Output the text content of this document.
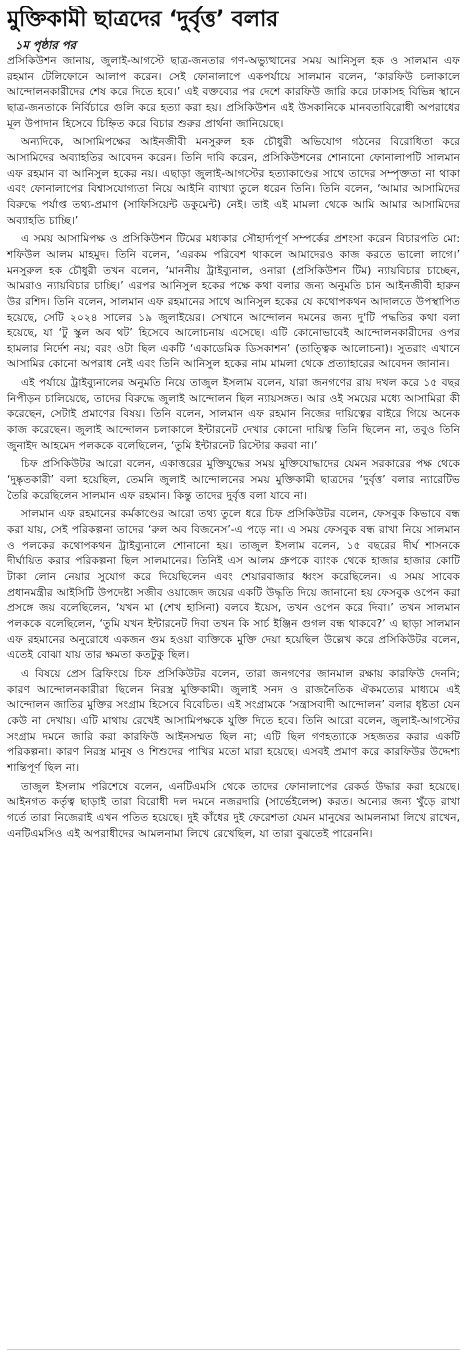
মুক্তিকামী ছাত্রদের ‘দুর্বৃত্ত’ বলার
১ম পৃষ্ঠার পর

প্রসিকিউশন জানায়, জুলাই-আগস্টে ছাত্র-জনতার গণ-অভ্যুত্থানের সময় আনিসুল হক ও সালমান এফ রহমান টেলিফোনে আলাপ করেন। সেই ফোনালাপে একপর্যায়ে সালমান বলেন, ‘কারফিউ চলাকালে আন্দোলনকারীদের শেষ করে দিতে হবে।’ এই বক্তব্যের পর দেশে কারফিউ জারি করে ঢাকাসহ বিভিন্ন স্থানে ছাত্র-জনতাকে নির্বিচারে গুলি করে হত্যা করা হয়। প্রসিকিউশন এই উসকানিকে মানবতাবিরোধী অপরাধের মূল উপাদান হিসেবে চিহ্নিত করে বিচার শুরুর প্রার্থনা জানিয়েছে।

অন্যদিকে, আসামিপক্ষের আইনজীবী মনসুরুল হক চৌধুরী অভিযোগ গঠনের বিরোধিতা করে আসামিদের অব্যাহতির আবেদন করেন। তিনি দাবি করেন, প্রসিকিউশনের শোনানো ফোনালাপটি সালমান এফ রহমান বা আনিসুল হকের নয়। এছাড়া জুলাই-আগস্টের হত্যাকাণ্ডের সাথে তাদের সম্পৃক্ততা না থাকা এবং ফোনালাপের বিশ্বাসযোগ্যতা নিয়ে আইনি ব্যাখ্যা তুলে ধরেন তিনি। তিনি বলেন, ‘আমার আসামিদের বিরুদ্ধে পর্যাপ্ত তথ্য-প্রমাণ (সাফিসিয়েন্ট ডকুমেন্ট) নেই। তাই এই মামলা থেকে আমি আমার আসামিদের অব্যাহতি চাচ্ছি।’

এ সময় আসামিপক্ষ ও প্রসিকিউশন টিমের মধ্যকার সৌহার্দ্যপূর্ণ সম্পর্কের প্রশংসা করেন বিচারপতি মো: শফিউল আলম মাহমুদ। তিনি বলেন, ‘এরকম পরিবেশ থাকলে আমাদেরও কাজ করতে ভালো লাগে।’ মনসুরুল হক চৌধুরী তখন বলেন, ‘মাননীয় ট্রাইব্যুনাল, ওনারা (প্রসিকিউশন টিম) ন্যায়বিচার চাচ্ছেন, আমরাও ন্যায়বিচার চাচ্ছি।’ এরপর আনিসুল হকের পক্ষে কথা বলার জন্য অনুমতি চান আইনজীবী হারুন উর রশিদ। তিনি বলেন, সালমান এফ রহমানের সাথে আনিসুল হকের যে কথোপকথন আদালতে উপস্থাপিত হয়েছে, সেটি ২০২৪ সালের ১৯ জুলাইয়ের। সেখানে আন্দোলন দমনের জন্য দু'টি পদ্ধতির কথা বলা হয়েছে, যা ‘টু স্কুল অব থট’ হিসেবে আলোচনায় এসেছে। এটি কোনোভাবেই আন্দোলনকারীদের ওপর হামলার নির্দেশ নয়; বরং ওটা ছিল একটি ‘একাডেমিক ডিসকাশন’ (তাত্ত্বিক আলোচনা)। সুতরাং এখানে আসামির কোনো অপরাধ নেই এবং তিনি আনিসুল হকের নাম মামলা থেকে প্রত্যাহারের আবেদন জানান।

এই পর্যায়ে ট্রাইব্যুনালের অনুমতি নিয়ে তাজুল ইসলাম বলেন, যারা জনগণের রায় দখল করে ১৫ বছর নিপীড়ন চালিয়েছে, তাদের বিরুদ্ধে জুলাই আন্দোলন ছিল ন্যায়সঙ্গত। আর ওই সময়ের মধ্যে আসামিরা কী করেছেন, সেটাই প্রমাণের বিষয়। তিনি বলেন, সালমান এফ রহমান নিজের দায়িত্বের বাইরে গিয়ে অনেক কাজ করেছেন। জুলাই আন্দোলন চলাকালে ইন্টারনেট দেখার কোনো দায়িত্ব তিনি ছিলেন না, তবুও তিনি জুনাইদ আহমেদ পলককে বলেছিলেন, ‘তুমি ইন্টারনেট রিস্টোর করবা না।’

চিফ প্রসিকিউটর আরো বলেন, একাত্তরের মুক্তিযুদ্ধের সময় মুক্তিযোদ্ধাদের যেমন সরকারের পক্ষ থেকে ‘দুষ্কৃতকারী’ বলা হয়েছিল, তেমনি জুলাই আন্দোলনের সময় মুক্তিকামী ছাত্রদের ‘দুর্বৃত্ত’ বলার ন্যারেটিভ তৈরি করেছিলেন সালমান এফ রহমান। কিন্তু তাদের দুর্বৃত্ত বলা যাবে না।

সালমান এফ রহমানের কর্মকাণ্ডের আরো তথ্য তুলে ধরে চিফ প্রসিকিউটর বলেন, ফেসবুক কিভাবে বন্ধ করা যায়, সেই পরিকল্পনা তাদের ‘রুল অব বিজনেস’-এ পড়ে না। এ সময় ফেসবুক বন্ধ রাখা নিয়ে সালমান ও পলকের কথোপকথন ট্রাইব্যুনালে শোনানো হয়। তাজুল ইসলাম বলেন, ১৫ বছরের দীর্ঘ শাসনকে দীর্ঘায়িত করার পরিকল্পনা ছিল সালমানের। তিনিই এস আলম গ্রুপকে ব্যাংক থেকে হাজার হাজার কোটি টাকা লোন নেয়ার সুযোগ করে দিয়েছিলেন এবং শেয়ারবাজার ধ্বংস করেছিলেন। এ সময় সাবেক প্রধানমন্ত্রীর আইসিটি উপদেষ্টা সজীব ওয়াজেদ জয়ের একটি উদ্ধৃতি দিয়ে জানানো হয় ফেসবুক ওপেন করা প্রসঙ্গে জয় বলেছিলেন, ‘যখন মা (শেখ হাসিনা) বলবে ইয়েস, তখন ওপেন করে দিবা।’ তখন সালমান পলককে বলেছিলেন, ‘তুমি যখন ইন্টারনেট দিবা তখন কি সার্চ ইঞ্জিন গুগল বন্ধ থাকবে?’ এ ছাড়া সালমান এফ রহমানের অনুরোধে একজন গুম হওয়া ব্যক্তিকে মুক্তি দেয়া হয়েছিল উল্লেখ করে প্রসিকিউটর বলেন, এতেই বোঝা যায় তার ক্ষমতা কতটুকু ছিল।

এ বিষয়ে প্রেস ব্রিফিংয়ে চিফ প্রসিকিউটর বলেন, তারা জনগণের জানমাল রক্ষায় কারফিউ দেননি; কারণ আন্দোলনকারীরা ছিলেন নিরস্ত্র মুক্তিকামী। জুলাই সনদ ও রাজনৈতিক ঐকমত্যের মাধ্যমে এই আন্দোলন জাতির মুক্তির সংগ্রাম হিসেবে বিবেচিত। এই সংগ্রামকে ‘সন্ত্রাসবাদী আন্দোলন’ বলার ধৃষ্টতা যেন কেউ না দেখায়। এটি মাথায় রেখেই আসামিপক্ষকে যুক্তি দিতে হবে। তিনি আরো বলেন, জুলাই-আগস্টের সংগ্রাম দমনে জারি করা কারফিউ আইনসম্মত ছিল না; এটি ছিল গণহত্যাকে সহজতর করার একটি পরিকল্পনা। কারণ নিরস্ত্র মানুষ ও শিশুদের পাখির মতো মারা হয়েছে। এসবই প্রমাণ করে কারফিউর উদ্দেশ্য শান্তিপূর্ণ ছিল না।

তাজুল ইসলাম পরিশেষে বলেন, এনটিএমসি থেকে তাদের ফোনালাপের রেকর্ড উদ্ধার করা হয়েছে। আইনগত কর্তৃত্ব ছাড়াই তারা বিরোধী দল দমনে নজরদারি (সার্ভেইলেন্স) করত। অন্যের জন্য খুঁড়ে রাখা গর্তে তারা নিজেরাই এখন পতিত হয়েছে। দুই কাঁধের দুই ফেরেশতা যেমন মানুষের আমলনামা লিখে রাখেন, এনটিএমসিও এই অপরাধীদের আমলনামা লিখে রেখেছিল, যা তারা বুঝতেই পারেননি।
